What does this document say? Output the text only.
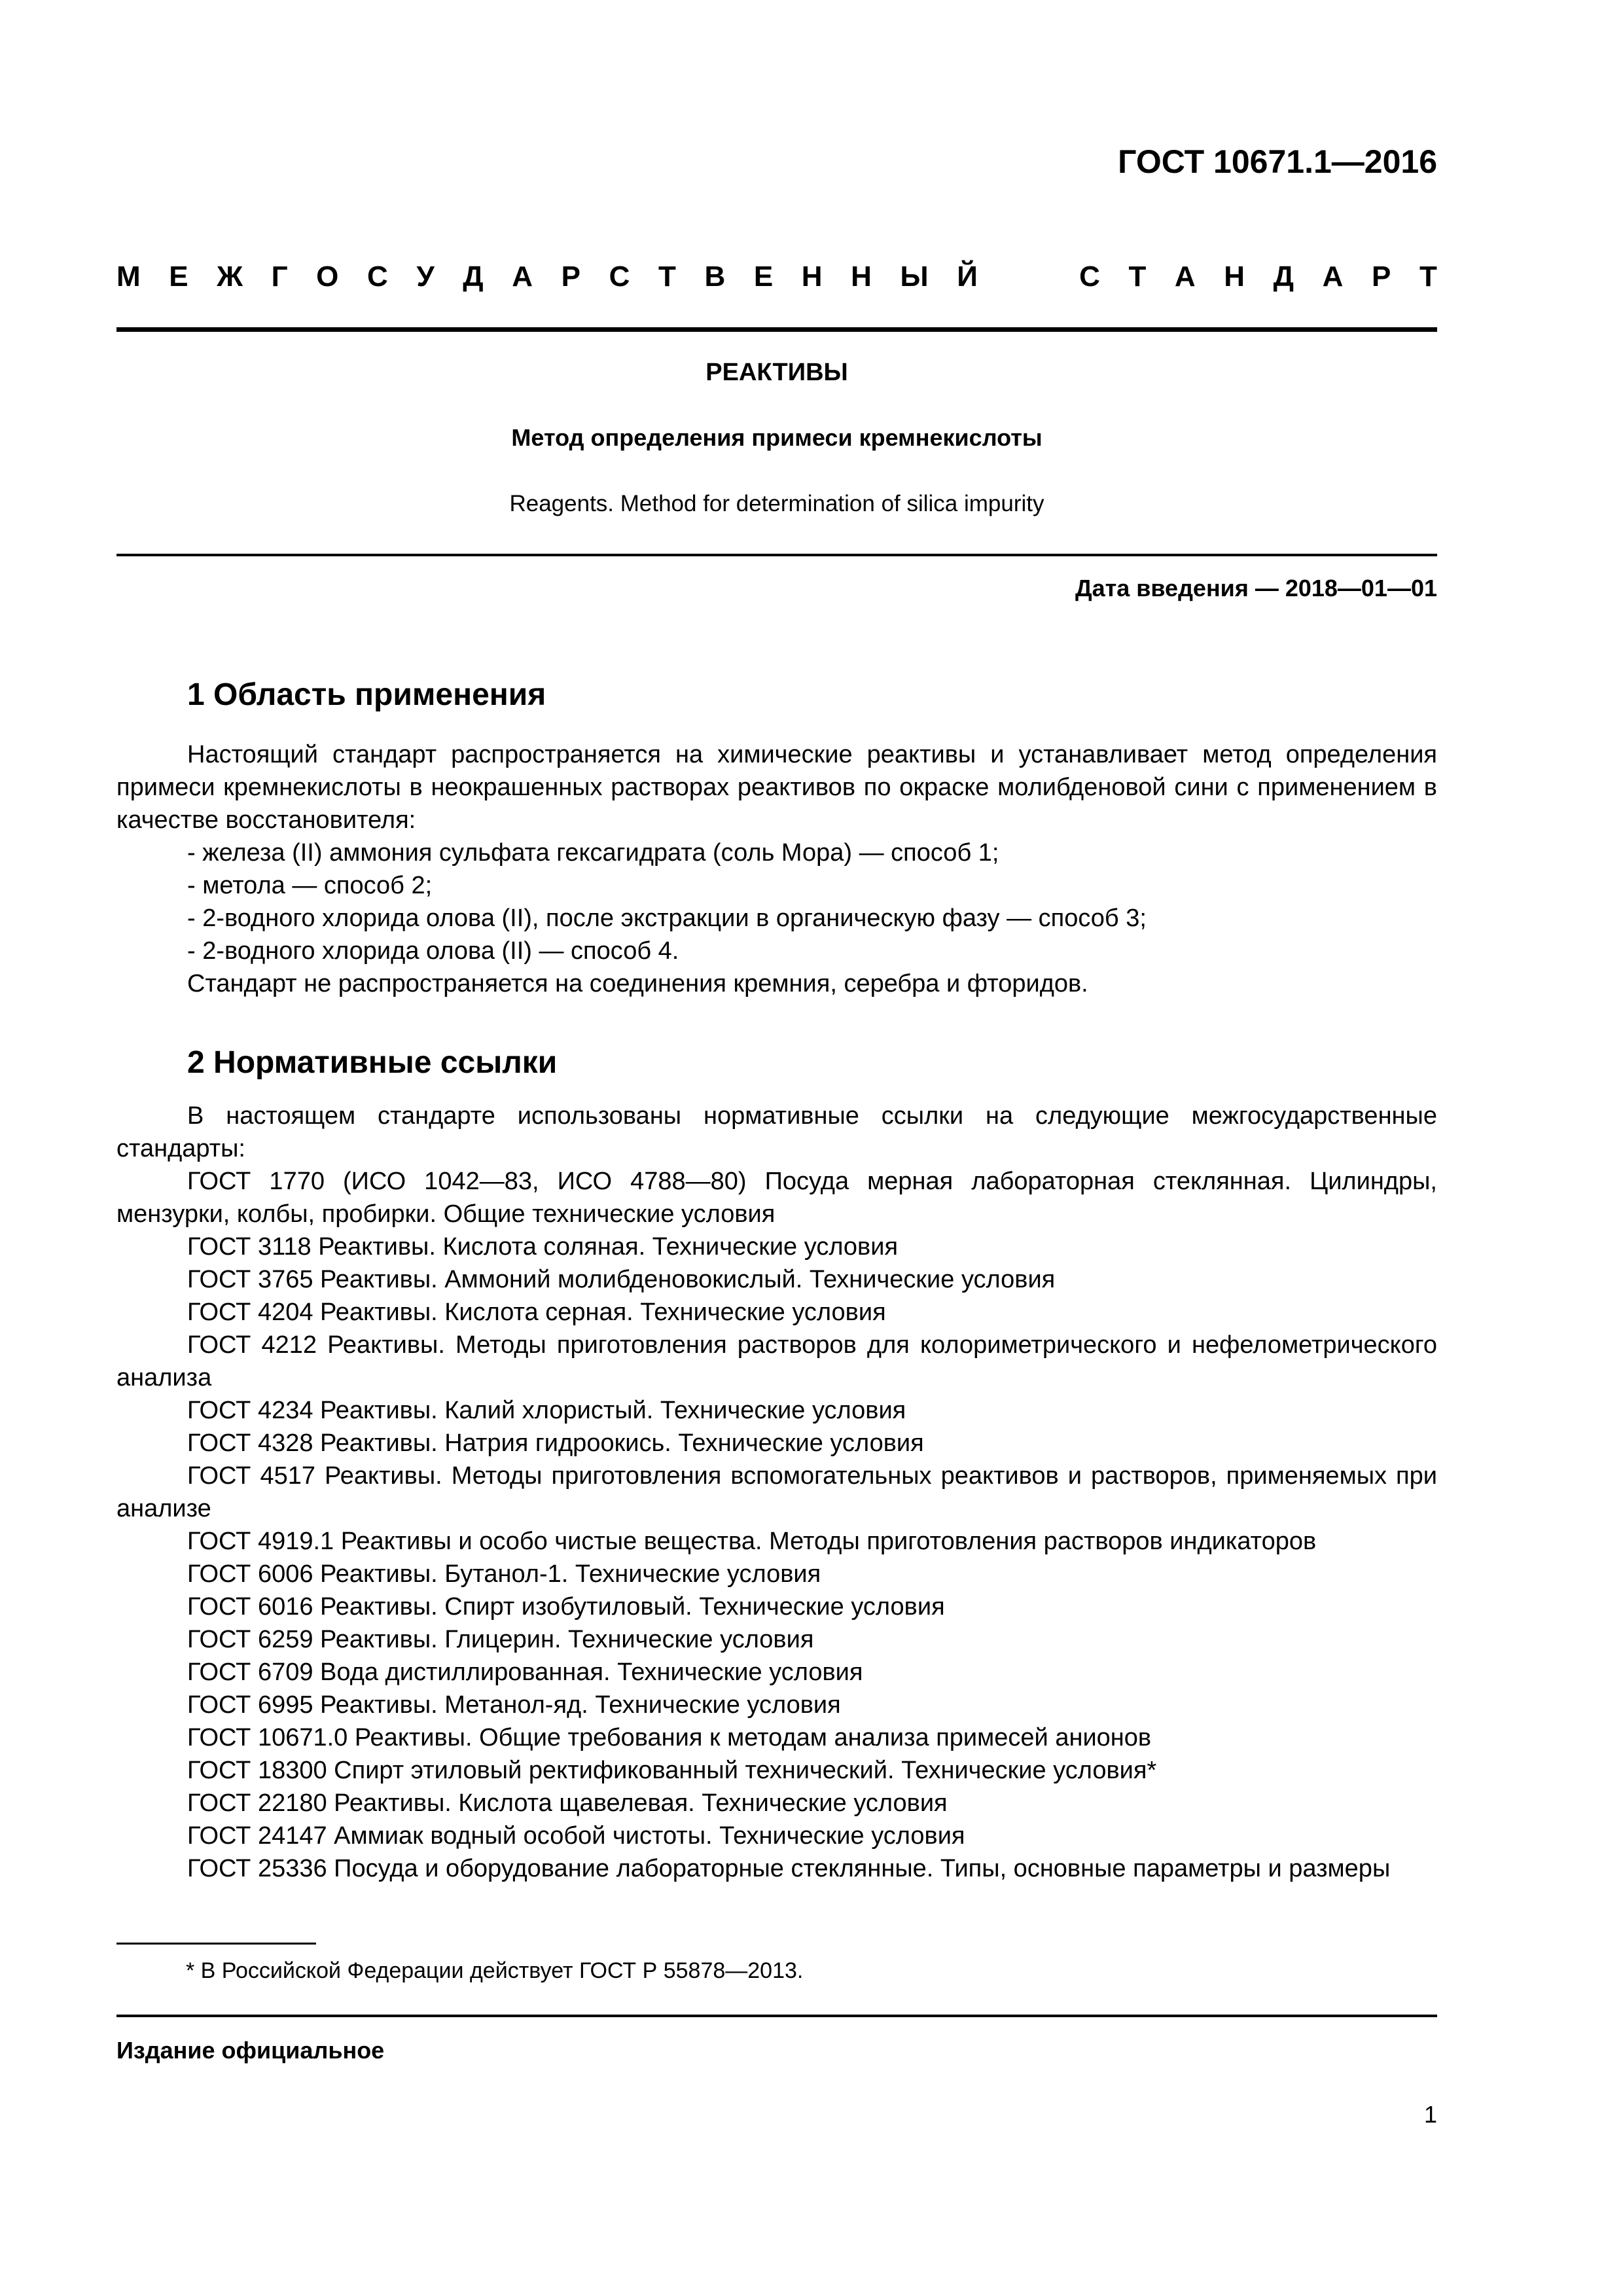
ГОСТ 10671.1—2016
М Е Ж Г О С У Д А Р С Т В Е Н Н Ы Й

	С Т А Н Д А Р Т
РЕАКТИВЫ
Метод определения примеси кремнекислоты
Reagents. Method for determination of silica impurity
Дата введения — 2018—01—01
1 Область применения

Настоящий стандарт распространяется на химические реактивы и устанавливает метод определения примеси кремнекислоты в неокрашенных растворах реактивов по окраске молибденовой сини с применением в качестве восстановителя:

- железа (II) аммония сульфата гексагидрата (соль Мора) — способ 1;

- метола — способ 2;

- 2-водного хлорида олова (II), после экстракции в органическую фазу — способ 3;

- 2-водного хлорида олова (II) — способ 4.

Стандарт не распространяется на соединения кремния, серебра и фторидов.

2 Нормативные ссылки

В настоящем стандарте использованы нормативные ссылки на следующие межгосударственные стандарты:

ГОСТ 1770 (ИСО 1042—83, ИСО 4788—80) Посуда мерная лабораторная стеклянная. Цилиндры, мензурки, колбы, пробирки. Общие технические условия

ГОСТ 3118 Реактивы. Кислота соляная. Технические условия

ГОСТ 3765 Реактивы. Аммоний молибденовокислый. Технические условия

ГОСТ 4204 Реактивы. Кислота серная. Технические условия

ГОСТ 4212 Реактивы. Методы приготовления растворов для колориметрического и нефелометрического анализа

ГОСТ 4234 Реактивы. Калий хлористый. Технические условия

ГОСТ 4328 Реактивы. Натрия гидроокись. Технические условия

ГОСТ 4517 Реактивы. Методы приготовления вспомогательных реактивов и растворов, применяемых при анализе

ГОСТ 4919.1 Реактивы и особо чистые вещества. Методы приготовления растворов индикаторов

ГОСТ 6006 Реактивы. Бутанол-1. Технические условия

ГОСТ 6016 Реактивы. Спирт изобутиловый. Технические условия

ГОСТ 6259 Реактивы. Глицерин. Технические условия

ГОСТ 6709 Вода дистиллированная. Технические условия

ГОСТ 6995 Реактивы. Метанол-яд. Технические условия

ГОСТ 10671.0 Реактивы. Общие требования к методам анализа примесей анионов

ГОСТ 18300 Спирт этиловый ректификованный технический. Технические условия*

ГОСТ 22180 Реактивы. Кислота щавелевая. Технические условия

ГОСТ 24147 Аммиак водный особой чистоты. Технические условия

ГОСТ 25336 Посуда и оборудование лабораторные стеклянные. Типы, основные параметры и размеры

* В Российской Федерации действует ГОСТ Р 55878—2013.
Издание официальное
1
